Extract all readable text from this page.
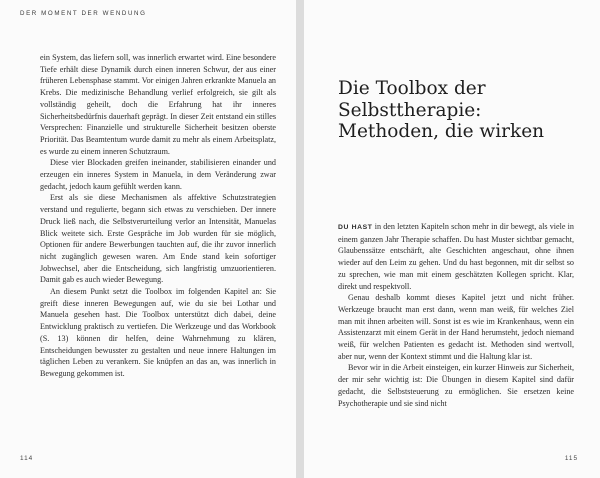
DER MOMENT DER WENDUNG

ein System, das liefern soll, was innerlich erwartet wird. Eine besondere Tiefe erhält diese Dynamik durch einen inneren Schwur, der aus einer früheren Lebensphase stammt. Vor einigen Jahren erkrankte Manuela an Krebs. Die medizinische Behandlung verlief erfolgreich, sie gilt als vollständig geheilt, doch die Erfahrung hat ihr inneres Sicherheitsbedürfnis dauerhaft geprägt. In dieser Zeit entstand ein stilles Versprechen: Finanzielle und strukturelle Sicherheit besitzen oberste Priorität. Das Beamtentum wurde damit zu mehr als einem Arbeitsplatz, es wurde zu einem inneren Schutzraum.

Diese vier Blockaden greifen ineinander, stabilisieren einander und erzeugen ein inneres System in Manuela, in dem Veränderung zwar gedacht, jedoch kaum gefühlt werden kann.

Erst als sie diese Mechanismen als affektive Schutzstrategien verstand und regulierte, begann sich etwas zu verschieben. Der innere Druck ließ nach, die Selbstverurteilung verlor an Intensität, Manuelas Blick weitete sich. Erste Gespräche im Job wurden für sie möglich, Optionen für andere Bewerbungen tauchten auf, die ihr zuvor innerlich nicht zugänglich gewesen waren. Am Ende stand kein sofortiger Jobwechsel, aber die Entscheidung, sich langfristig umzuorientieren. Damit gab es auch wieder Bewegung.

An diesem Punkt setzt die Toolbox im folgenden Kapitel an: Sie greift diese inneren Bewegungen auf, wie du sie bei Lothar und Manuela gesehen hast. Die Toolbox unterstützt dich dabei, deine Entwicklung praktisch zu vertiefen. Die Werkzeuge und das Workbook (S. 13) können dir helfen, deine Wahrnehmung zu klären, Entscheidungen bewusster zu gestalten und neue innere Haltungen im täglichen Leben zu verankern. Sie knüpfen an das an, was innerlich in Bewegung gekommen ist.

114
Die Toolbox der
Selbsttherapie:
Methoden, die wirken

DU HAST in den letzten Kapiteln schon mehr in dir bewegt, als viele in einem ganzen Jahr Therapie schaffen. Du hast Muster sichtbar gemacht, Glaubenssätze entschärft, alte Geschichten angeschaut, ohne ihnen wieder auf den Leim zu gehen. Und du hast begonnen, mit dir selbst so zu sprechen, wie man mit einem geschätzten Kollegen spricht. Klar, direkt und respektvoll.

Genau deshalb kommt dieses Kapitel jetzt und nicht früher. Werkzeuge braucht man erst dann, wenn man weiß, für welches Ziel man mit ihnen arbeiten will. Sonst ist es wie im Krankenhaus, wenn ein Assistenzarzt mit einem Gerät in der Hand herumsteht, jedoch niemand weiß, für welchen Patienten es gedacht ist. Methoden sind wertvoll, aber nur, wenn der Kontext stimmt und die Haltung klar ist.

Bevor wir in die Arbeit einsteigen, ein kurzer Hinweis zur Sicherheit, der mir sehr wichtig ist: Die Übungen in diesem Kapitel sind dafür gedacht, die Selbststeuerung zu ermöglichen. Sie ersetzen keine Psychotherapie und sie sind nicht

115
